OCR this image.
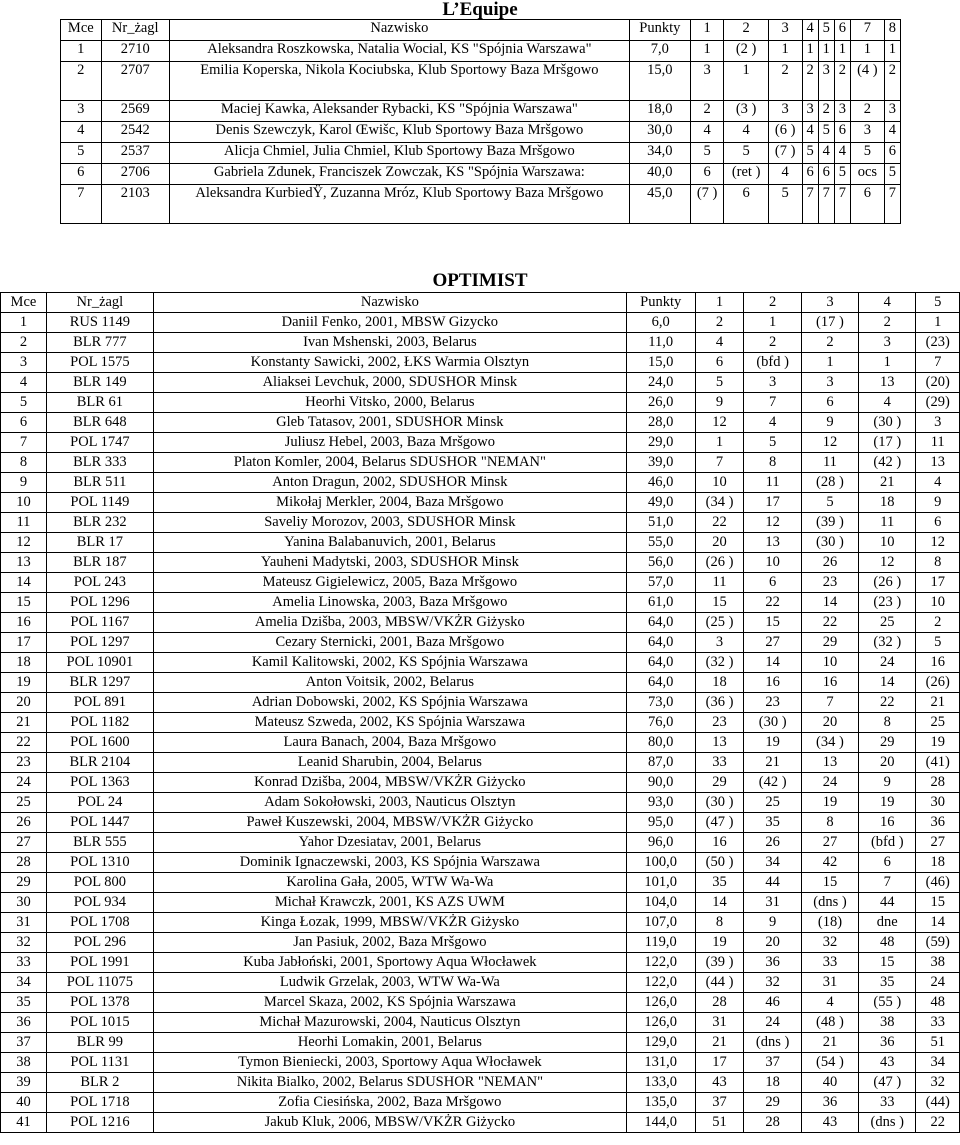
L’Equipe
Mce	Nr_żagl	Nazwisko	Punkty	1	2	3	4	5	6	7	8
1	2710	Aleksandra Roszkowska, Natalia Wocial, KS "Spójnia Warszawa"	7,0	1	(2 )	1	1	1	1	1	1
2	2707	Emilia Koperska, Nikola Kociubska, Klub Sportowy Baza Mršgowo	15,0	3	1	2	2	3	2	(4 )	2
3	2569	Maciej Kawka, Aleksander Rybacki, KS "Spójnia Warszawa"	18,0	2	(3 )	3	3	2	3	2	3
4	2542	Denis Szewczyk, Karol Œwišc, Klub Sportowy Baza Mršgowo	30,0	4	4	(6 )	4	5	6	3	4
5	2537	Alicja Chmiel, Julia Chmiel, Klub Sportowy Baza Mršgowo	34,0	5	5	(7 )	5	4	4	5	6
6	2706	Gabriela Zdunek, Franciszek Zowczak, KS "Spójnia Warszawa:	40,0	6	(ret )	4	6	6	5	ocs	5
7	2103	Aleksandra KurbiedŸ, Zuzanna Mróz, Klub Sportowy Baza Mršgowo	45,0	(7 )	6	5	7	7	7	6	7
OPTIMIST
Mce	Nr_żagl	Nazwisko	Punkty	1	2	3	4	5
1	RUS 1149	Daniil Fenko, 2001, MBSW Gizycko	6,0	2	1	(17 )	2	1
2	BLR 777	Ivan Mshenski, 2003, Belarus	11,0	4	2	2	3	(23)
3	POL 1575	Konstanty Sawicki, 2002, ŁKS Warmia Olsztyn	15,0	6	(bfd )	1	1	7
4	BLR 149	Aliaksei Levchuk, 2000, SDUSHOR Minsk	24,0	5	3	3	13	(20)
5	BLR 61	Heorhi Vitsko, 2000, Belarus	26,0	9	7	6	4	(29)
6	BLR 648	Gleb Tatasov, 2001, SDUSHOR Minsk	28,0	12	4	9	(30 )	3
7	POL 1747	Juliusz Hebel, 2003, Baza Mršgowo	29,0	1	5	12	(17 )	11
8	BLR 333	Platon Komler, 2004, Belarus SDUSHOR "NEMAN"	39,0	7	8	11	(42 )	13
9	BLR 511	Anton Dragun, 2002, SDUSHOR Minsk	46,0	10	11	(28 )	21	4
10	POL 1149	Mikołaj Merkler, 2004, Baza Mršgowo	49,0	(34 )	17	5	18	9
11	BLR 232	Saveliy Morozov, 2003, SDUSHOR Minsk	51,0	22	12	(39 )	11	6
12	BLR 17	Yanina Balabanuvich, 2001, Belarus	55,0	20	13	(30 )	10	12
13	BLR 187	Yauheni Madytski, 2003, SDUSHOR Minsk	56,0	(26 )	10	26	12	8
14	POL 243	Mateusz Gigielewicz, 2005, Baza Mršgowo	57,0	11	6	23	(26 )	17
15	POL 1296	Amelia Linowska, 2003, Baza Mršgowo	61,0	15	22	14	(23 )	10
16	POL 1167	Amelia Dzišba, 2003, MBSW/VKŻR Giżysko	64,0	(25 )	15	22	25	2
17	POL 1297	Cezary Sternicki, 2001, Baza Mršgowo	64,0	3	27	29	(32 )	5
18	POL 10901	Kamil Kalitowski, 2002, KS Spójnia Warszawa	64,0	(32 )	14	10	24	16
19	BLR 1297	Anton Voitsik, 2002, Belarus	64,0	18	16	16	14	(26)
20	POL 891	Adrian Dobowski, 2002, KS Spójnia Warszawa	73,0	(36 )	23	7	22	21
21	POL 1182	Mateusz Szweda, 2002, KS Spójnia Warszawa	76,0	23	(30 )	20	8	25
22	POL 1600	Laura Banach, 2004, Baza Mršgowo	80,0	13	19	(34 )	29	19
23	BLR 2104	Leanid Sharubin, 2004, Belarus	87,0	33	21	13	20	(41)
24	POL 1363	Konrad Dzišba, 2004, MBSW/VKŻR Giżycko	90,0	29	(42 )	24	9	28
25	POL 24	Adam Sokołowski, 2003, Nauticus Olsztyn	93,0	(30 )	25	19	19	30
26	POL 1447	Paweł Kuszewski, 2004, MBSW/VKŻR Giżycko	95,0	(47 )	35	8	16	36
27	BLR 555	Yahor Dzesiatav, 2001, Belarus	96,0	16	26	27	(bfd )	27
28	POL 1310	Dominik Ignaczewski, 2003, KS Spójnia Warszawa	100,0	(50 )	34	42	6	18
29	POL 800	Karolina Gała, 2005, WTW Wa-Wa	101,0	35	44	15	7	(46)
30	POL 934	Michał Krawczk, 2001, KS AZS UWM	104,0	14	31	(dns )	44	15
31	POL 1708	Kinga Łozak, 1999, MBSW/VKŻR Giżysko	107,0	8	9	(18)	dne	14
32	POL 296	Jan Pasiuk, 2002, Baza Mršgowo	119,0	19	20	32	48	(59)
33	POL 1991	Kuba Jabłoński, 2001, Sportowy Aqua Włocławek	122,0	(39 )	36	33	15	38
34	POL 11075	Ludwik Grzelak, 2003, WTW Wa-Wa	122,0	(44 )	32	31	35	24
35	POL 1378	Marcel Skaza, 2002, KS Spójnia Warszawa	126,0	28	46	4	(55 )	48
36	POL 1015	Michał Mazurowski, 2004, Nauticus Olsztyn	126,0	31	24	(48 )	38	33
37	BLR 99	Heorhi Lomakin, 2001, Belarus	129,0	21	(dns )	21	36	51
38	POL 1131	Tymon Bieniecki, 2003, Sportowy Aqua Włocławek	131,0	17	37	(54 )	43	34
39	BLR 2	Nikita Bialko, 2002, Belarus SDUSHOR "NEMAN"	133,0	43	18	40	(47 )	32
40	POL 1718	Zofia Ciesińska, 2002, Baza Mršgowo	135,0	37	29	36	33	(44)
41	POL 1216	Jakub Kluk, 2006, MBSW/VKŻR Giżycko	144,0	51	28	43	(dns )	22
